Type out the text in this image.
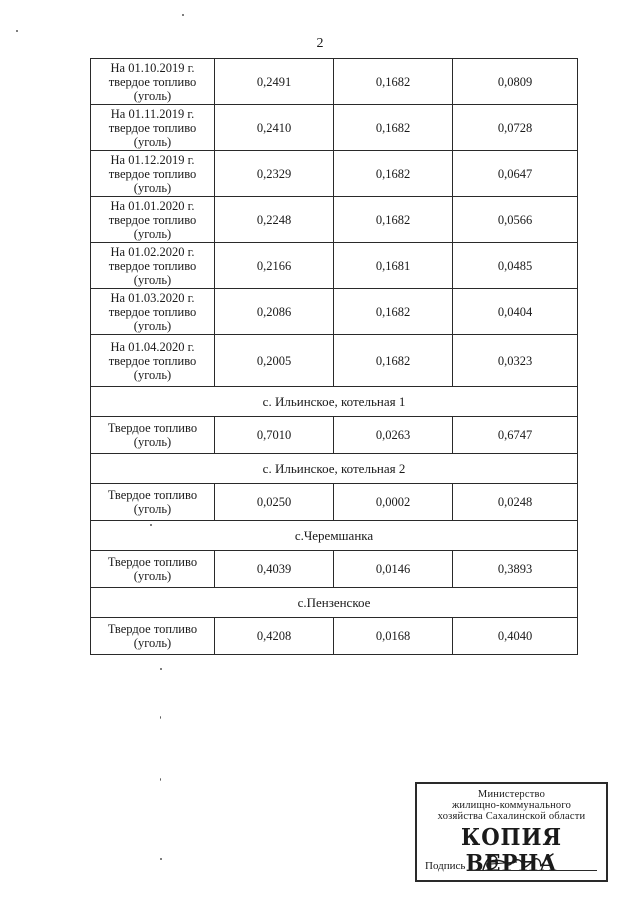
2
На 01.10.2019 г.
твердое топливо
(уголь)	0,2491	0,1682	0,0809

На 01.11.2019 г.
твердое топливо
(уголь)	0,2410	0,1682	0,0728

На 01.12.2019 г.
твердое топливо
(уголь)	0,2329	0,1682	0,0647

На 01.01.2020 г.
твердое топливо
(уголь)	0,2248	0,1682	0,0566

На 01.02.2020 г.
твердое топливо
(уголь)	0,2166	0,1681	0,0485

На 01.03.2020 г.
твердое топливо
(уголь)	0,2086	0,1682	0,0404

На 01.04.2020 г.
твердое топливо
(уголь)	0,2005	0,1682	0,0323
с. Ильинское, котельная 1			

Твердое топливо
(уголь)	0,7010	0,0263	0,6747
с. Ильинское, котельная 2			

Твердое топливо
(уголь)	0,0250	0,0002	0,0248
с.Черемшанка			

Твердое топливо
(уголь)	0,4039	0,0146	0,3893
с.Пензенское			

Твердое топливо
(уголь)	0,4208	0,0168	0,4040
Министерство
жилищно-коммунального
хозяйства Сахалинской области
КОПИЯ ВЕРНА
Подпись
